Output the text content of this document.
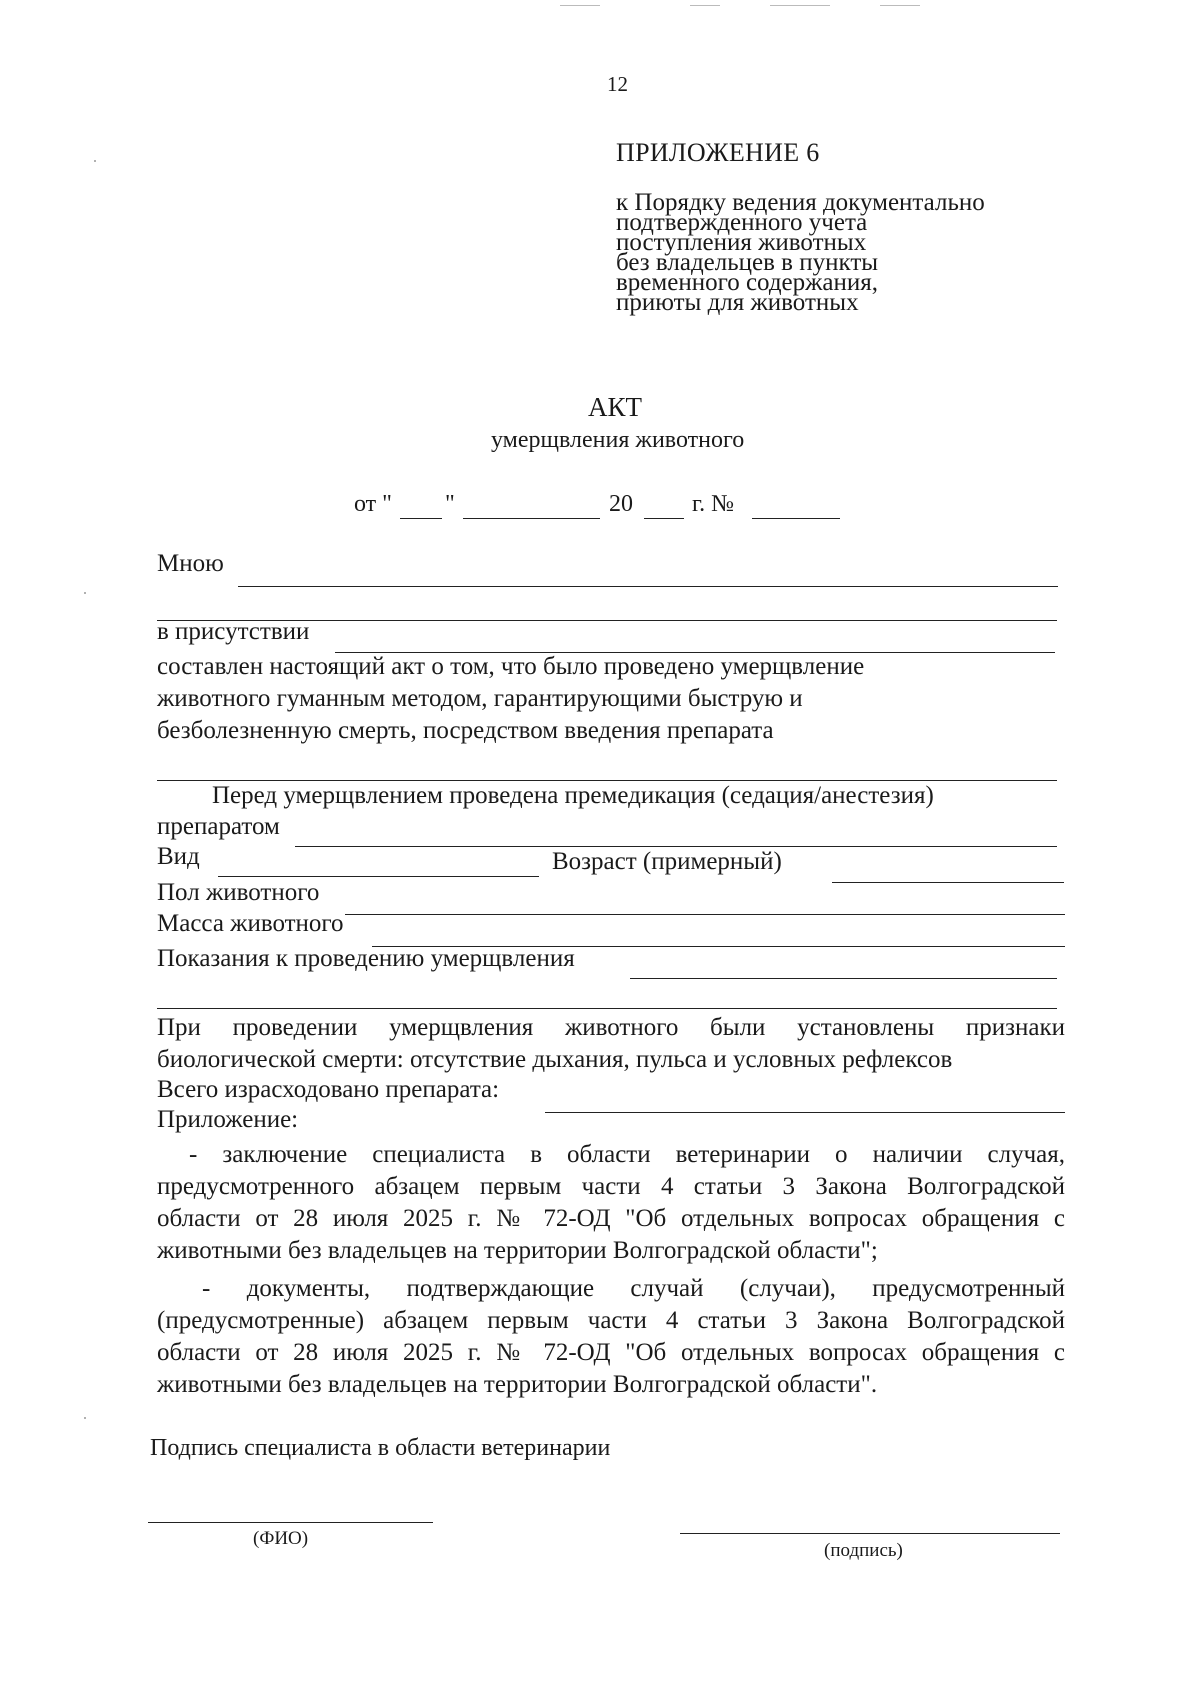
12
ПРИЛОЖЕНИЕ 6
к Порядку ведения документально
подтвержденного учета
поступления животных
без владельцев в пункты
временного содержания,
приюты для животных
АКТ
умерщвления животного
от " "	20 г. №
Мною
в присутствии
составлен настоящий акт о том, что было проведено умерщвление
животного гуманным методом, гарантирующими быструю и
безболезненную смерть, посредством введения препарата
Перед умерщвлением проведена премедикация (седация/анестезия)
препаратом
Вид	Возраст (примерный)
Пол животного
Масса животного
Показания к проведению умерщвления
При проведении умерщвления животного были установлены признаки
биологической смерти: отсутствие дыхания, пульса и условных рефлексов
Всего израсходовано препарата:
Приложение:
- заключение специалиста в области ветеринарии о наличии случая,
предусмотренного абзацем первым части 4 статьи 3 Закона Волгоградской
области от 28 июля 2025 г. № 72-ОД "Об отдельных вопросах обращения с
животными без владельцев на территории Волгоградской области";
- документы, подтверждающие случай (случаи), предусмотренный
(предусмотренные) абзацем первым части 4 статьи 3 Закона Волгоградской
области от 28 июля 2025 г. № 72-ОД "Об отдельных вопросах обращения с
животными без владельцев на территории Волгоградской области".
Подпись специалиста в области ветеринарии
(ФИО)
(подпись)
